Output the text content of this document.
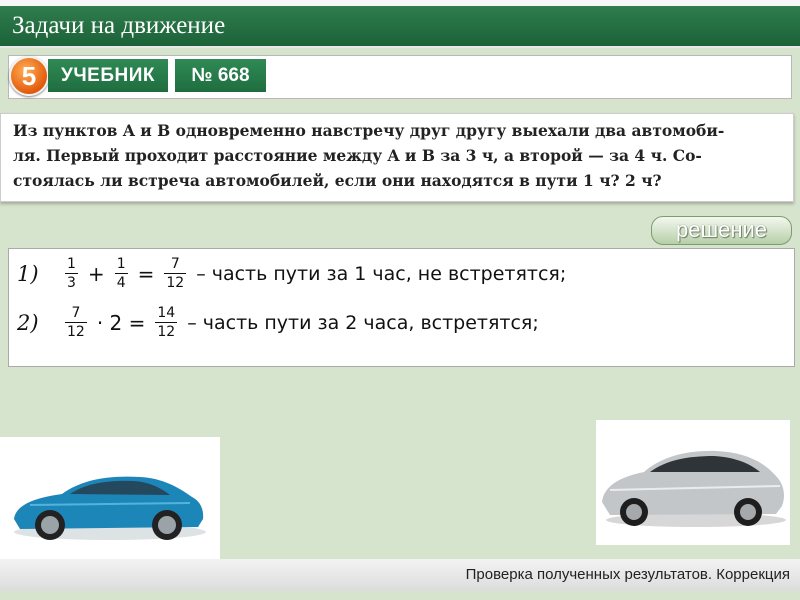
Задачи на движение
5	УЧЕБНИК	№ 668
Из пунктов A и B одновременно навстречу друг другу выехали два автомоби-
ля. Первый проходит расстояние между A и B за 3 ч, а второй — за 4 ч. Со-
стоялась ли встреча автомобилей, если они находятся в пути 1 ч? 2 ч?
решение
1)	$\frac{1}{3} + \frac{1}{4} = \frac{7}{12}$ – часть пути за 1 час, не встретятся;
2)	$\frac{7}{12} \cdot 2 = \frac{14}{12}$ – часть пути за 2 часа, встретятся;
Проверка полученных результатов. Коррекция
